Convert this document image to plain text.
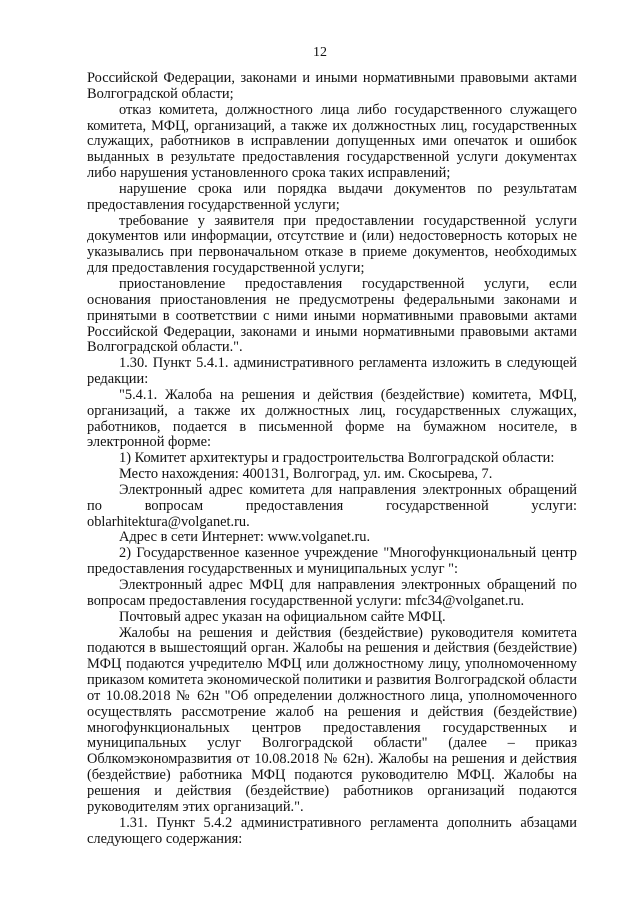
12

Российской Федерации, законами и иными нормативными правовыми актами Волгоградской области;

отказ комитета, должностного лица либо государственного служащего комитета, МФЦ, организаций, а также их должностных лиц, государственных служащих, работников в исправлении допущенных ими опечаток и ошибок выданных в результате предоставления государственной услуги документах либо нарушения установленного срока таких исправлений;

нарушение срока или порядка выдачи документов по результатам предоставления государственной услуги;

требование у заявителя при предоставлении государственной услуги документов или информации, отсутствие и (или) недостоверность которых не указывались при первоначальном отказе в приеме документов, необходимых для предоставления государственной услуги;

приостановление предоставления государственной услуги, если основания приостановления не предусмотрены федеральными законами и принятыми в соответствии с ними иными нормативными правовыми актами Российской Федерации, законами и иными нормативными правовыми актами Волгоградской области.".

1.30. Пункт 5.4.1. административного регламента изложить в следующей редакции:

"5.4.1. Жалоба на решения и действия (бездействие) комитета, МФЦ, организаций, а также их должностных лиц, государственных служащих, работников, подается в письменной форме на бумажном носителе, в электронной форме:

1) Комитет архитектуры и градостроительства Волгоградской области:

Место нахождения: 400131, Волгоград, ул. им. Скосырева, 7.

Электронный адрес комитета для направления электронных обращений по вопросам предоставления государственной услуги: oblarhitektura@volganet.ru.

Адрес в сети Интернет: www.volganet.ru.

2) Государственное казенное учреждение "Многофункциональный центр предоставления государственных и муниципальных услуг ":

Электронный адрес МФЦ для направления электронных обращений по вопросам предоставления государственной услуги: mfc34@volganet.ru.

Почтовый адрес указан на официальном сайте МФЦ.

Жалобы на решения и действия (бездействие) руководителя комитета подаются в вышестоящий орган. Жалобы на решения и действия (бездействие) МФЦ подаются учредителю МФЦ или должностному лицу, уполномоченному приказом комитета экономической политики и развития Волгоградской области от 10.08.2018 № 62н "Об определении должностного лица, уполномоченного осуществлять рассмотрение жалоб на решения и действия (бездействие) многофункциональных центров предоставления государственных и муниципальных услуг Волгоградской области" (далее – приказ Облкомэкономразвития от 10.08.2018 № 62н). Жалобы на решения и действия (бездействие) работника МФЦ подаются руководителю МФЦ. Жалобы на решения и действия (бездействие) работников организаций подаются руководителям этих организаций.".

1.31. Пункт 5.4.2 административного регламента дополнить абзацами следующего содержания:
